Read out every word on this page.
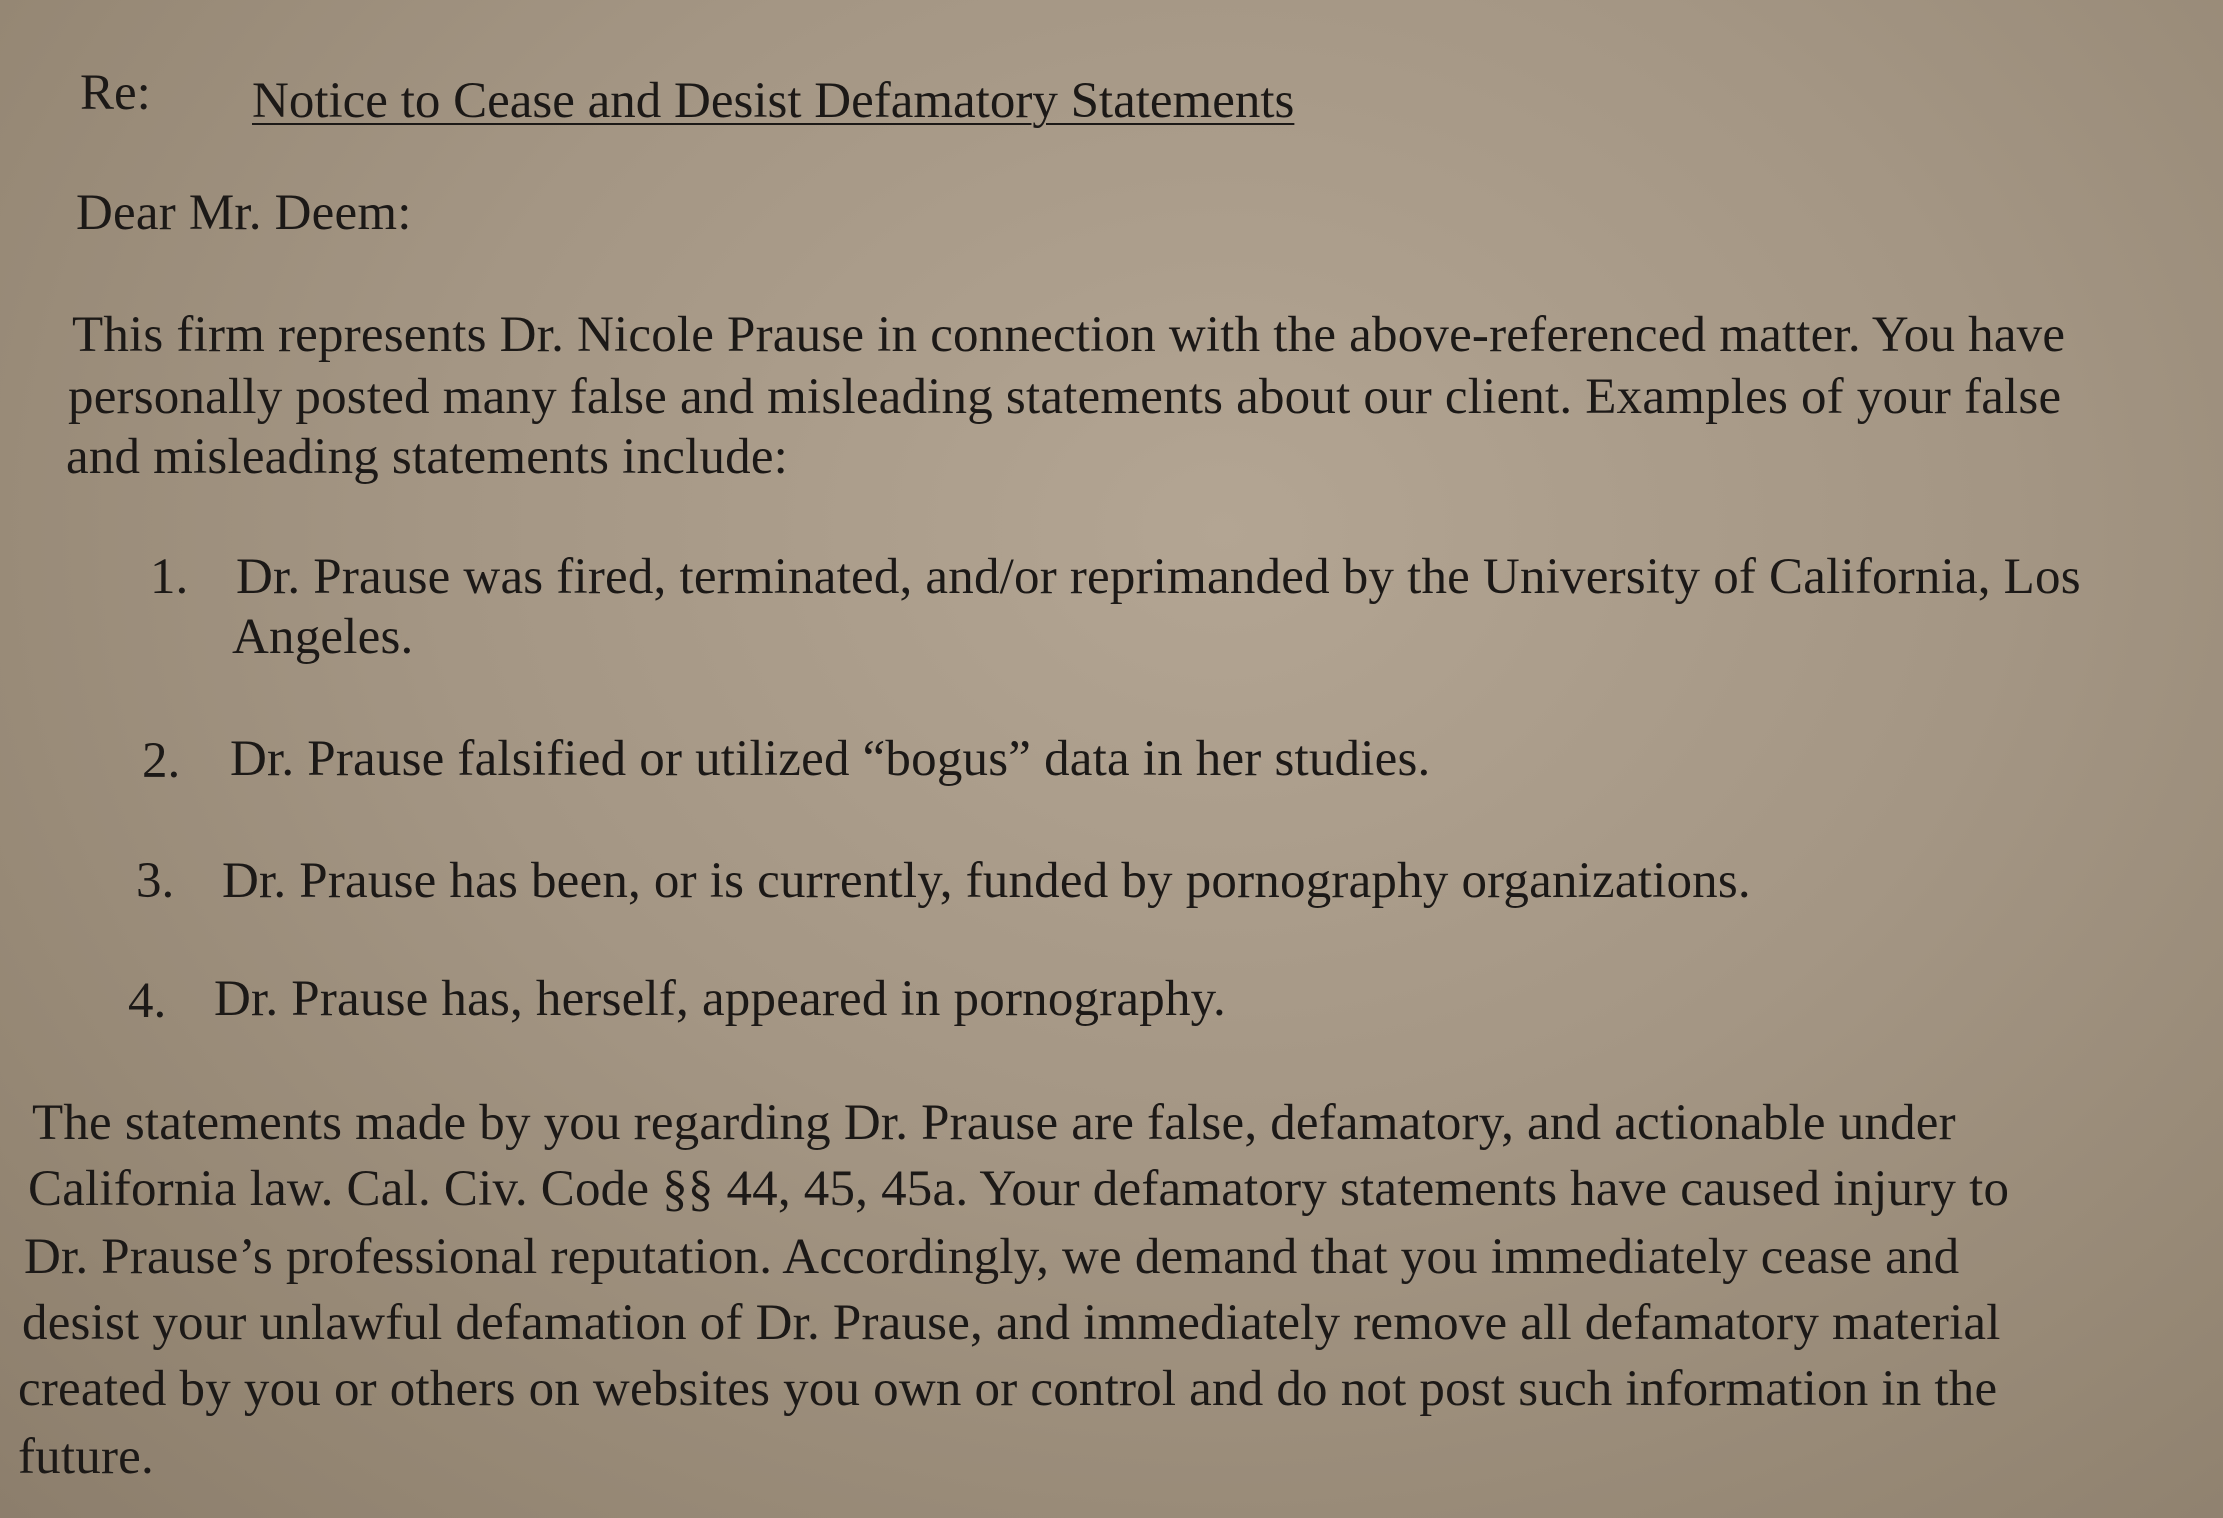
Re: Notice to Cease and Desist Defamatory Statements
Dear Mr. Deem:
This firm represents Dr. Nicole Prause in connection with the above-referenced matter. You have
personally posted many false and misleading statements about our client. Examples of your false
and misleading statements include:
1. Dr. Prause was fired, terminated, and/or reprimanded by the University of California, Los
Angeles.
2. Dr. Prause falsified or utilized “bogus” data in her studies.
3. Dr. Prause has been, or is currently, funded by pornography organizations.
4. Dr. Prause has, herself, appeared in pornography.
The statements made by you regarding Dr. Prause are false, defamatory, and actionable under
California law. Cal. Civ. Code §§ 44, 45, 45a. Your defamatory statements have caused injury to
Dr. Prause’s professional reputation. Accordingly, we demand that you immediately cease and
desist your unlawful defamation of Dr. Prause, and immediately remove all defamatory material
created by you or others on websites you own or control and do not post such information in the
future.
